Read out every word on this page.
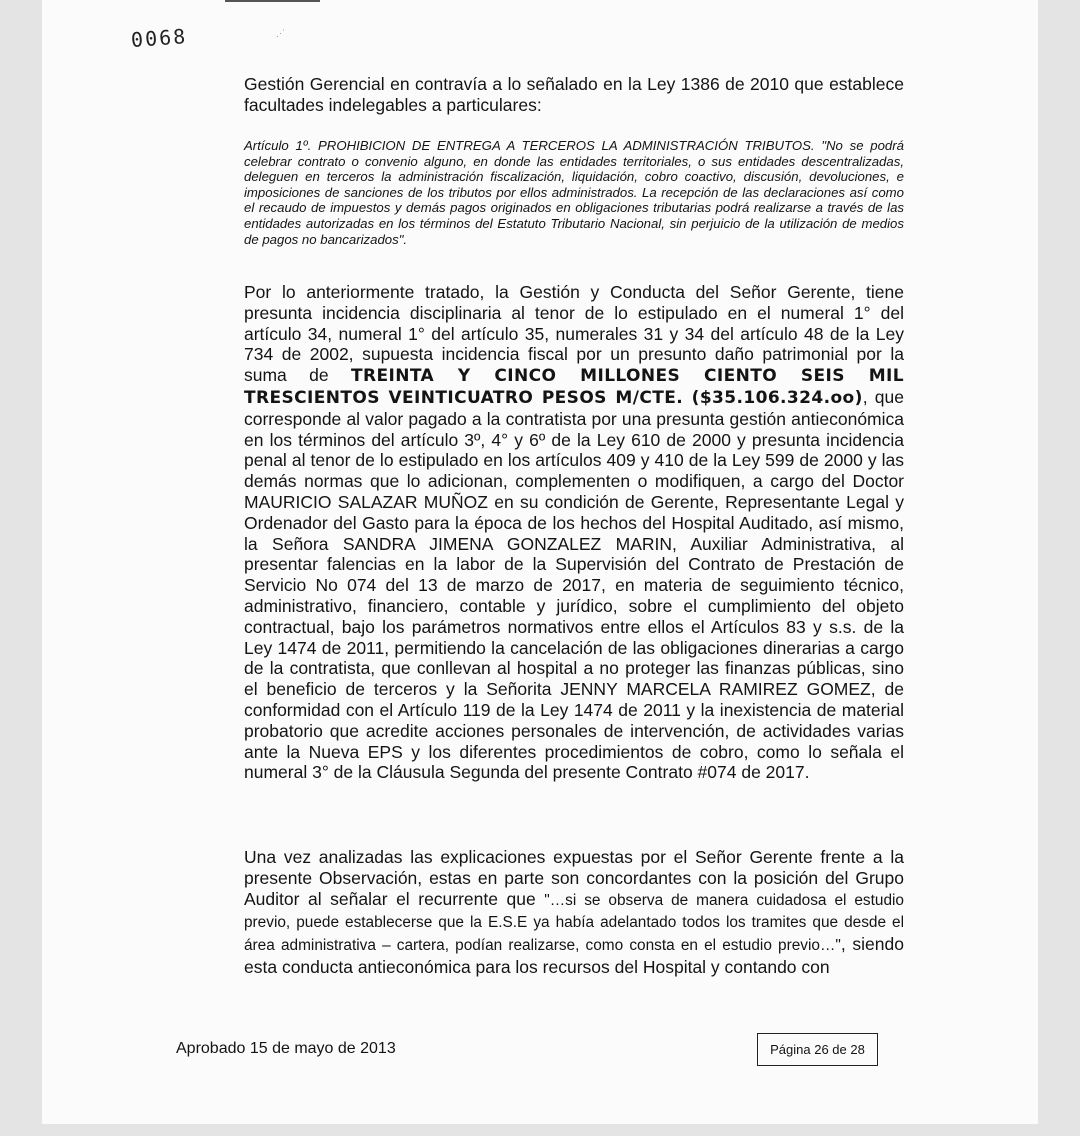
0068	⋰
Gestión Gerencial en contravía a lo señalado en la Ley 1386 de 2010 que establece facultades indelegables a particulares:
Artículo 1º. PROHIBICION DE ENTREGA A TERCEROS LA ADMINISTRACIÓN TRIBUTOS. "No se podrá celebrar contrato o convenio alguno, en donde las entidades territoriales, o sus entidades descentralizadas, deleguen en terceros la administración fiscalización, liquidación, cobro coactivo, discusión, devoluciones, e imposiciones de sanciones de los tributos por ellos administrados. La recepción de las declaraciones así como el recaudo de impuestos y demás pagos originados en obligaciones tributarias podrá realizarse a través de las entidades autorizadas en los términos del Estatuto Tributario Nacional, sin perjuicio de la utilización de medios de pagos no bancarizados".
Por lo anteriormente tratado, la Gestión y Conducta del Señor Gerente, tiene presunta incidencia disciplinaria al tenor de lo estipulado en el numeral 1° del artículo 34, numeral 1° del artículo 35, numerales 31 y 34 del artículo 48 de la Ley 734 de 2002, supuesta incidencia fiscal por un presunto daño patrimonial por la suma de TREINTA Y CINCO MILLONES CIENTO SEIS MIL TRESCIENTOS VEINTICUATRO PESOS M/CTE. ($35.106.324.oo), que corresponde al valor pagado a la contratista por una presunta gestión antieconómica en los términos del artículo 3º, 4° y 6º de la Ley 610 de 2000 y presunta incidencia penal al tenor de lo estipulado en los artículos 409 y 410 de la Ley 599 de 2000 y las demás normas que lo adicionan, complementen o modifiquen, a cargo del Doctor MAURICIO SALAZAR MUÑOZ en su condición de Gerente, Representante Legal y Ordenador del Gasto para la época de los hechos del Hospital Auditado, así mismo, la Señora SANDRA JIMENA GONZALEZ MARIN, Auxiliar Administrativa, al presentar falencias en la labor de la Supervisión del Contrato de Prestación de Servicio No 074 del 13 de marzo de 2017, en materia de seguimiento técnico, administrativo, financiero, contable y jurídico, sobre el cumplimiento del objeto contractual, bajo los parámetros normativos entre ellos el Artículos 83 y s.s. de la Ley 1474 de 2011, permitiendo la cancelación de las obligaciones dinerarias a cargo de la contratista, que conllevan al hospital a no proteger las finanzas públicas, sino el beneficio de terceros y la Señorita JENNY MARCELA RAMIREZ GOMEZ, de conformidad con el Artículo 119 de la Ley 1474 de 2011 y la inexistencia de material probatorio que acredite acciones personales de intervención, de actividades varias ante la Nueva EPS y los diferentes procedimientos de cobro, como lo señala el numeral 3° de la Cláusula Segunda del presente Contrato #074 de 2017.
Una vez analizadas las explicaciones expuestas por el Señor Gerente frente a la presente Observación, estas en parte son concordantes con la posición del Grupo Auditor al señalar el recurrente que "…si se observa de manera cuidadosa el estudio previo, puede establecerse que la E.S.E ya había adelantado todos los tramites que desde el área administrativa – cartera, podían realizarse, como consta en el estudio previo…", siendo esta conducta antieconómica para los recursos del Hospital y contando con
Aprobado 15 de mayo de 2013	Página 26 de 28
